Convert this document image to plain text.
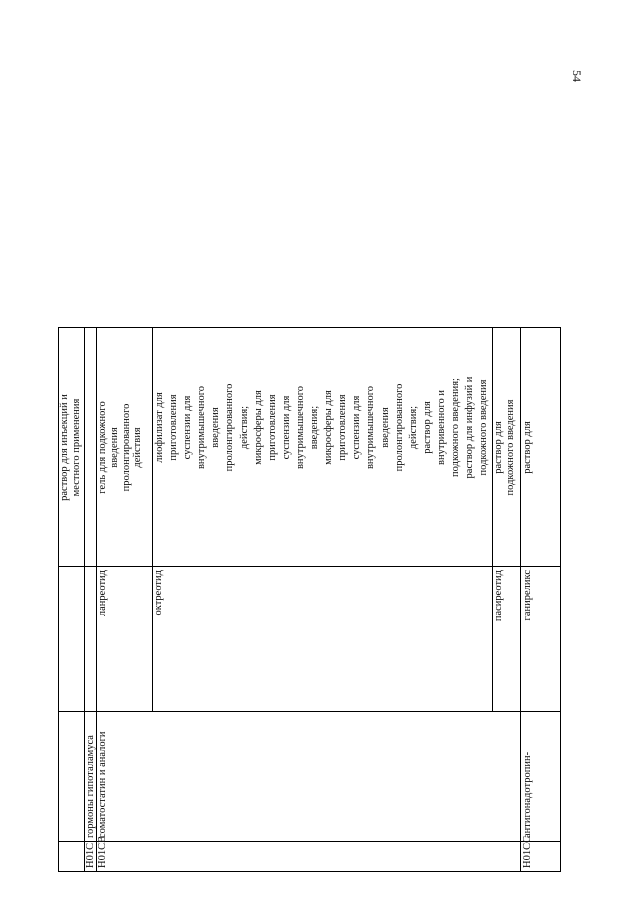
54
раствор для инъекций и местного применения
H01C
гормоны гипоталамуса
H01CB
соматостатин и аналоги
ланреотид
гель для подкожного введения пролонгированного действия
октреотид
лиофилизат для приготовления суспензии для внутримышечного введения пролонгированного действия; микросферы для приготовления суспензии для внутримышечного введения; микросферы для приготовления суспензии для внутримышечного введения пролонгированного действия; раствор для внутривенного и подкожного введения; раствор для инфузий и подкожного введения
пасиреотид
раствор для подкожного введения
H01CC
антигонадотропин-
ганиреликс
раствор для
